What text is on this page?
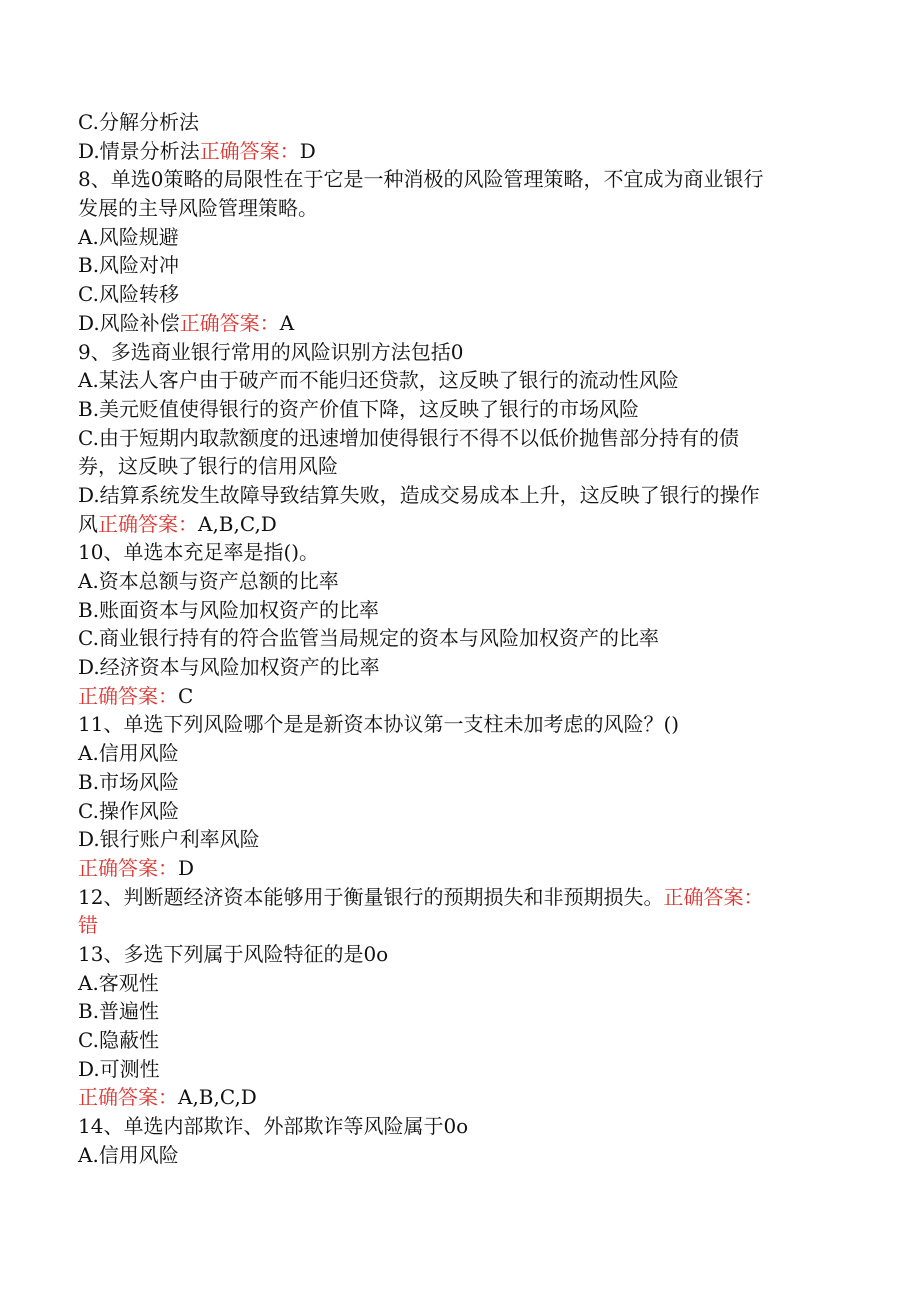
C.分解分析法
D.情景分析法正确答案：D
8、单选0策略的局限性在于它是一种消极的风险管理策略，不宜成为商业银行
发展的主导风险管理策略。
A.风险规避
B.风险对冲
C.风险转移
D.风险补偿正确答案：A
9、多选商业银行常用的风险识别方法包括0
A.某法人客户由于破产而不能归还贷款，这反映了银行的流动性风险
B.美元贬值使得银行的资产价值下降，这反映了银行的市场风险
C.由于短期内取款额度的迅速增加使得银行不得不以低价抛售部分持有的债
券，这反映了银行的信用风险
D.结算系统发生故障导致结算失败，造成交易成本上升，这反映了银行的操作
风正确答案：A,B,C,D
10、单选本充足率是指()。
A.资本总额与资产总额的比率
B.账面资本与风险加权资产的比率
C.商业银行持有的符合监管当局规定的资本与风险加权资产的比率
D.经济资本与风险加权资产的比率
正确答案：C
11、单选下列风险哪个是是新资本协议第一支柱未加考虑的风险？()
A.信用风险
B.市场风险
C.操作风险
D.银行账户利率风险
正确答案：D
12、判断题经济资本能够用于衡量银行的预期损失和非预期损失。正确答案：
错
13、多选下列属于风险特征的是0o
A.客观性
B.普遍性
C.隐蔽性
D.可测性
正确答案：A,B,C,D
14、单选内部欺诈、外部欺诈等风险属于0o
A.信用风险
